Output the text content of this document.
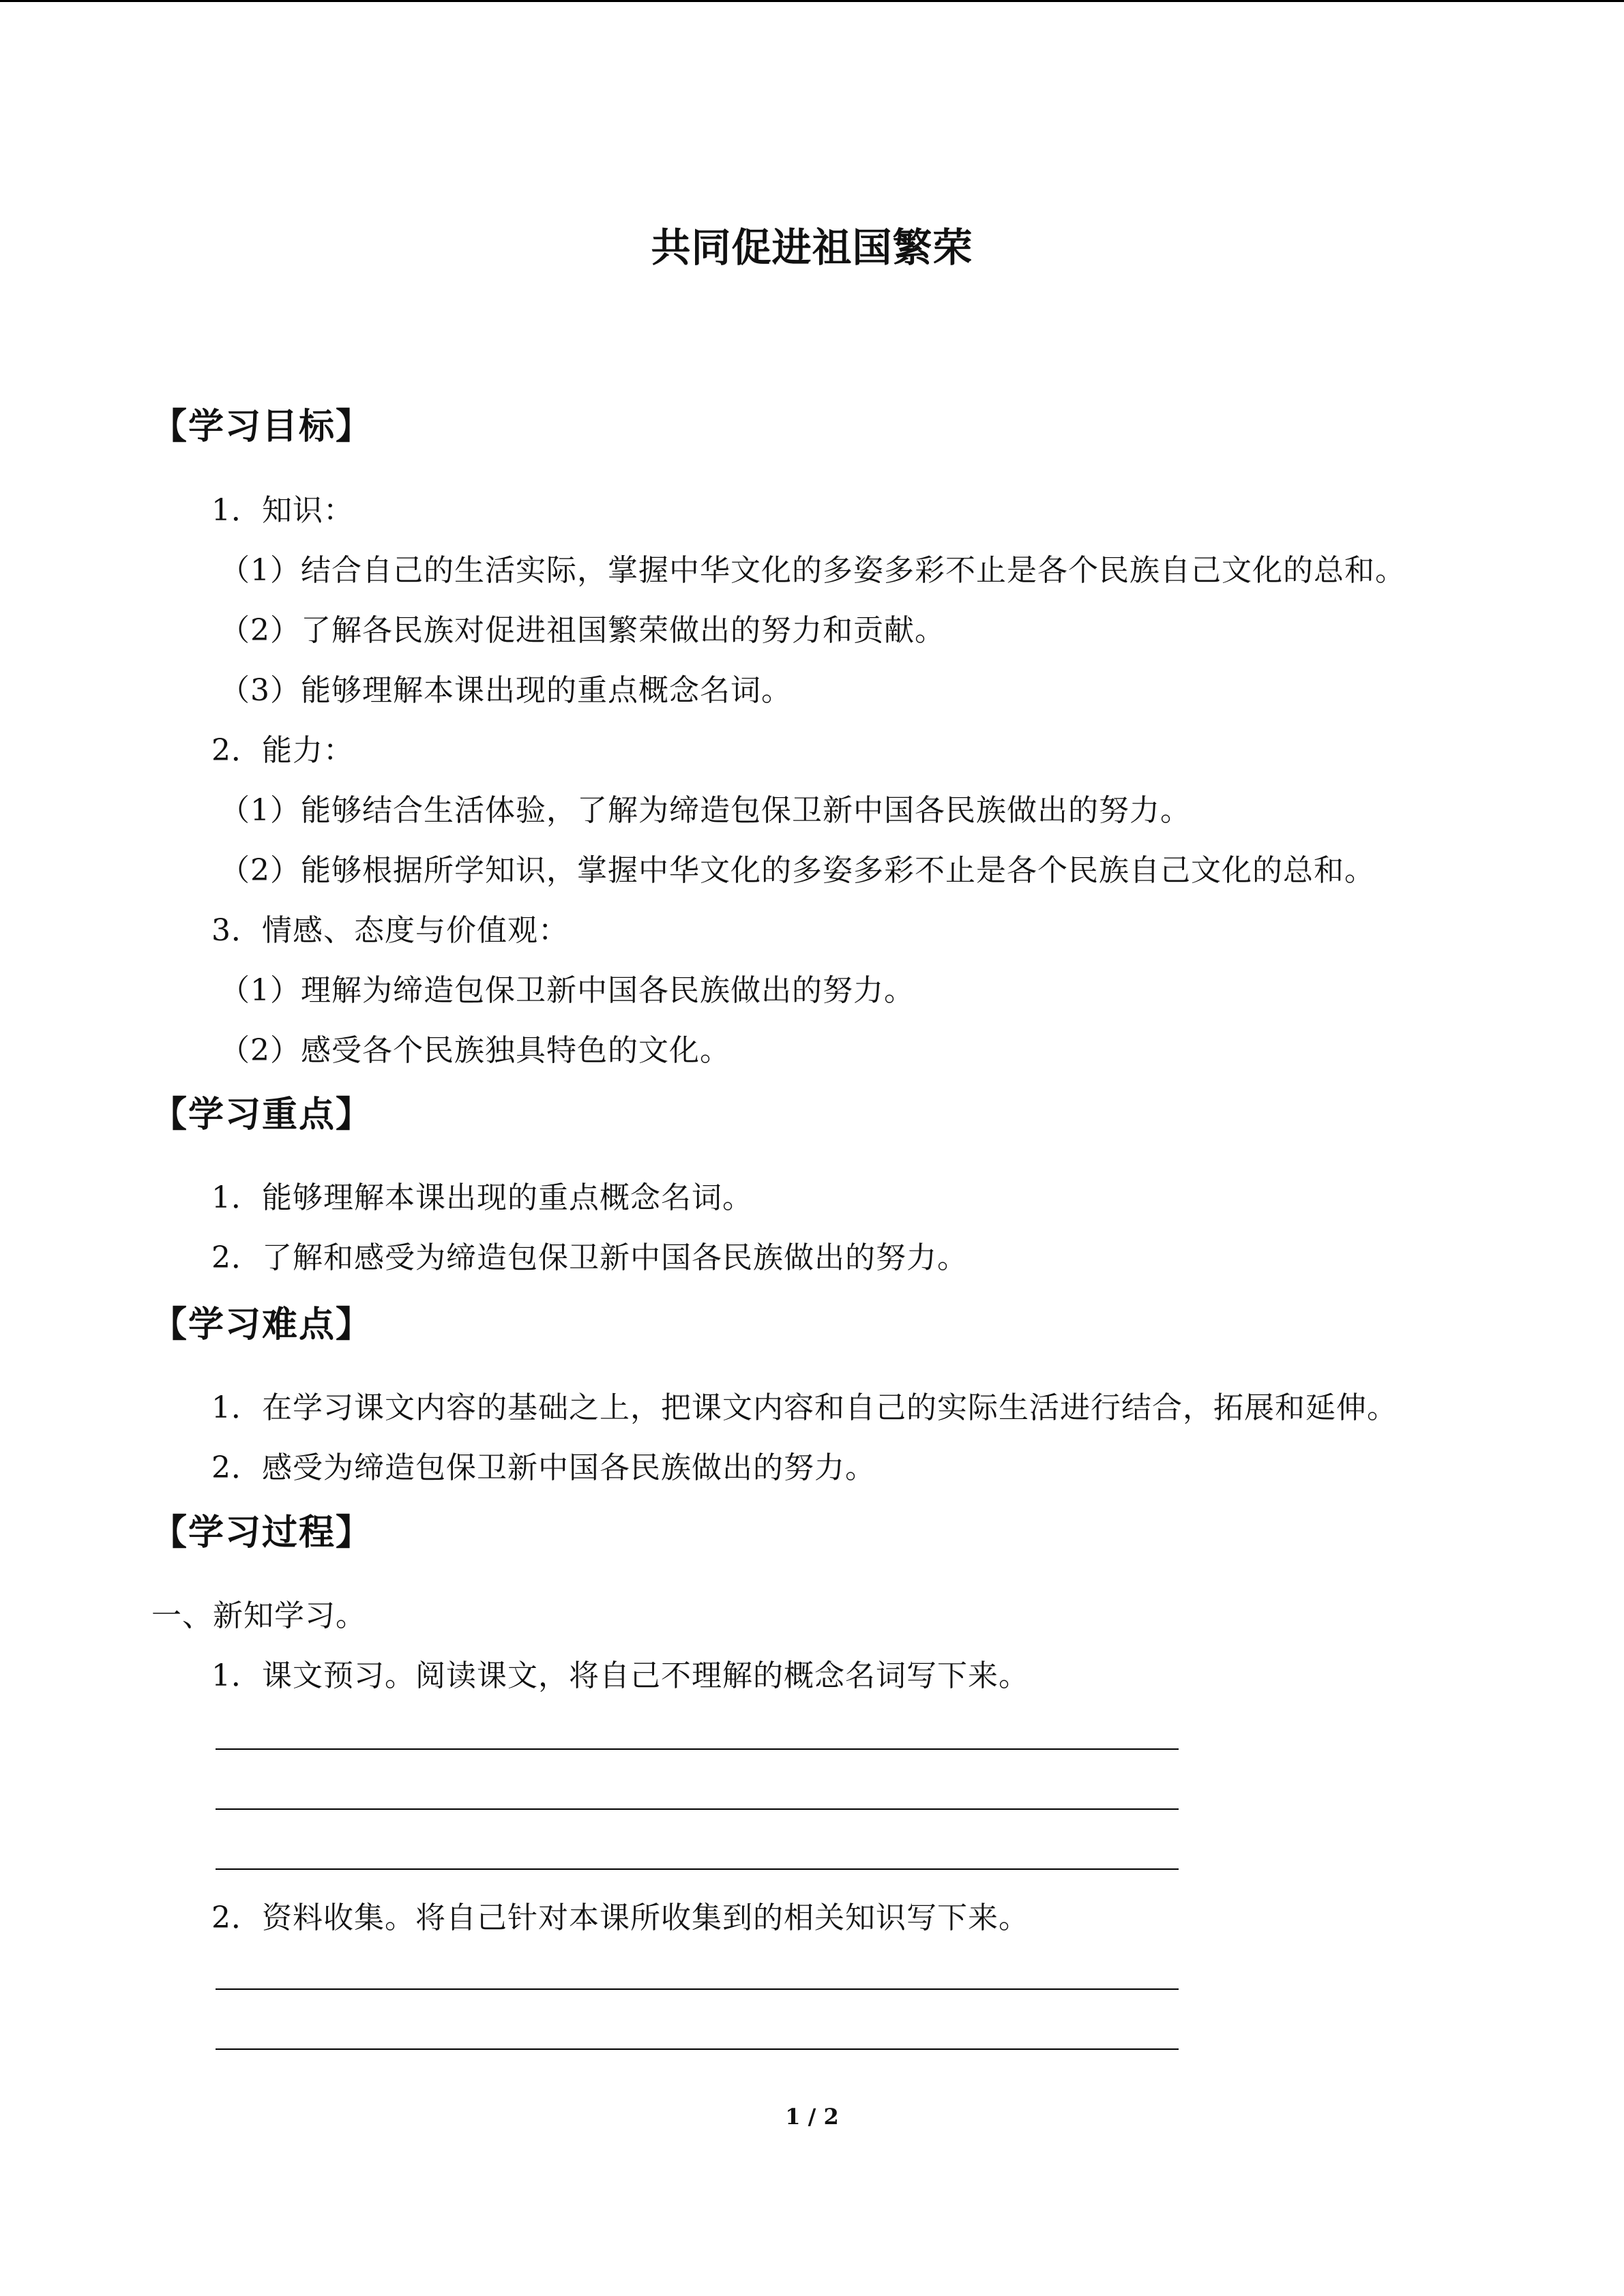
共同促进祖国繁荣
【学习目标】
1．知识：
（1）结合自己的生活实际，掌握中华文化的多姿多彩不止是各个民族自己文化的总和。
（2）了解各民族对促进祖国繁荣做出的努力和贡献。
（3）能够理解本课出现的重点概念名词。
2．能力：
（1）能够结合生活体验，了解为缔造包保卫新中国各民族做出的努力。
（2）能够根据所学知识，掌握中华文化的多姿多彩不止是各个民族自己文化的总和。
3．情感、态度与价值观：
（1）理解为缔造包保卫新中国各民族做出的努力。
（2）感受各个民族独具特色的文化。
【学习重点】
1．能够理解本课出现的重点概念名词。
2．了解和感受为缔造包保卫新中国各民族做出的努力。
【学习难点】
1．在学习课文内容的基础之上，把课文内容和自己的实际生活进行结合，拓展和延伸。
2．感受为缔造包保卫新中国各民族做出的努力。
【学习过程】
一、新知学习。
1．课文预习。阅读课文，将自己不理解的概念名词写下来。
2．资料收集。将自己针对本课所收集到的相关知识写下来。
1 / 2
